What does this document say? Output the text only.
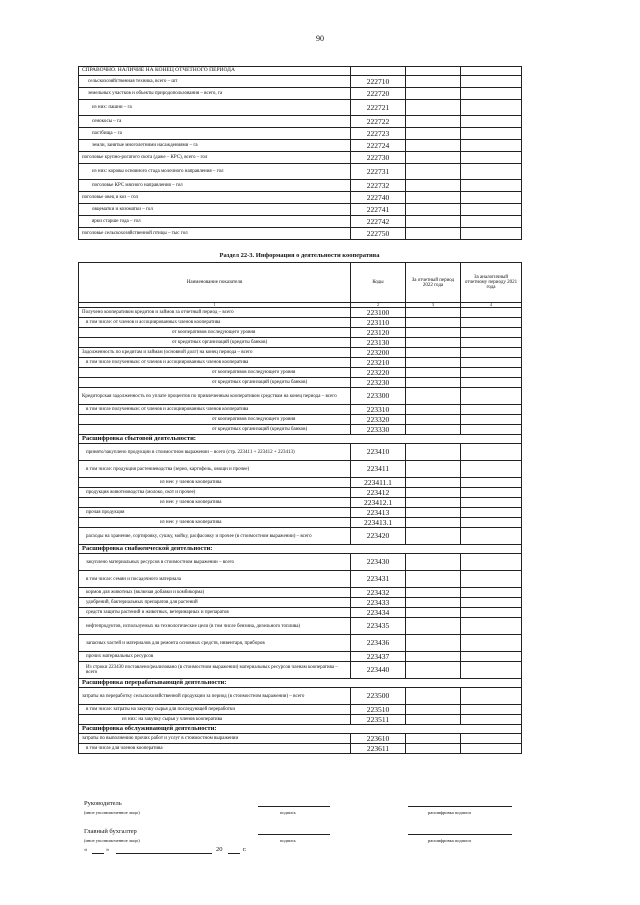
90
СПРАВОЧНО. НАЛИЧИЕ НА КОНЕЦ ОТЧЕТНОГО ПЕРИОДА			
сельскохозяйственная техника, всего – шт	222710		
земельных участков и объекты природопользования – всего, га	222720		
из них: пашни – га	222721		
сенокосы – га	222722		
пастбища – га	222723		
земли, занятые многолетними насаждениями – га	222724		
поголовье крупно-рогатого скота (даже – КРС), всего – гол	222730		
из них: коровы основного стада молочного направления – гол	222731		
поголовье КРС мясного направления – гол	222732		
поголовье овец и коз – гол	222740		
овцематки и козоматки – гол	222741		
ярки старше года – гол	222742		
поголовье сельскохозяйственной птицы – тыс гол	222750		
Раздел 22-3. Информация о деятельности кооператива
Наименование показателя	Коды	За отчетный период 2022 года	За аналогичный отчетному периоду 2021 года
1	2	3	4
Получено кооперативом кредитов и займов за отчетный период – всего	223100		
в том числе: от членов и ассоциированных членов кооператива	223110		
от кооперативов последующего уровня	223120		
от кредитных организаций (кредиты банков)	223130		
Задолженность по кредитам и займам (основной долг) на конец периода – всего	223200		
в том числе полученным: от членов и ассоциированных членов кооператива	223210		
от кооперативов последующего уровня	223220		
от кредитных организаций (кредиты банков)	223230		
Кредиторская задолженность по уплате процентов по привлеченным кооперативом средствам на конец периода – всего	223300		
в том числе полученным: от членов и ассоциированных членов кооператива	223310		
от кооперативов последующего уровня	223320		
от кредитных организаций (кредиты банков)	223330		
Расшифровка сбытовой деятельности:			
принято/закуплено продукции в стоимостном выражении – всего (стр. 223411 + 223412 + 223413)	223410		
в том числе: продукция растениеводства (зерно, картофель, овощи и прочее)	223411		
из нее: у членов кооператива	223411.1		
продукция животноводства (молоко, скот и прочее)	223412		
из нее: у членов кооператива	223412.1		
прочая продукция	223413		
из нее: у членов кооператива	223413.1		
расходы на хранение, сортировку, сушку, мойку, расфасовку и прочее (в стоимостном выражении) – всего	223420		
Расшифровка снабженческой деятельности:			
закуплено материальных ресурсов в стоимостном выражении – всего	223430		
в том числе: семян и посадочного материала	223431		
кормов для животных (включая добавки и комбикорма)	223432		
удобрений, бактериальных препаратов для растений	223433		
средств защиты растений и животных, ветеринарных и препаратов	223434		
нефтепродуктов, используемых на технологические цели (в том числе бензина, дизельного топлива)	223435		
запасных частей и материалов для ремонта основных средств, инвентаря, приборов	223436		
прочих материальных ресурсов	223437		
Из строки 223430 поставлено/реализовано (в стоимостном выражении) материальных ресурсов членам кооператива – всего	223440		
Расшифровка перерабатывающей деятельности:			
затраты на переработку сельскохозяйственной продукции за период (в стоимостном выражении) – всего	223500		
в том числе: затраты на закупку сырья для последующей переработки	223510		
из них: на закупку сырья у членов кооператива	223511		
Расшифровка обслуживающей деятельности:			
затраты по выполнению прочих работ и услуг в стоимостном выражении	223610		
в том числе для членов кооператива	223611		
Руководитель
(иное уполномоченное лицо)	подпись	расшифровка подписи
Главный бухгалтер
(иное уполномоченное лицо)	подпись	расшифровка подписи
«	»	20	г.
